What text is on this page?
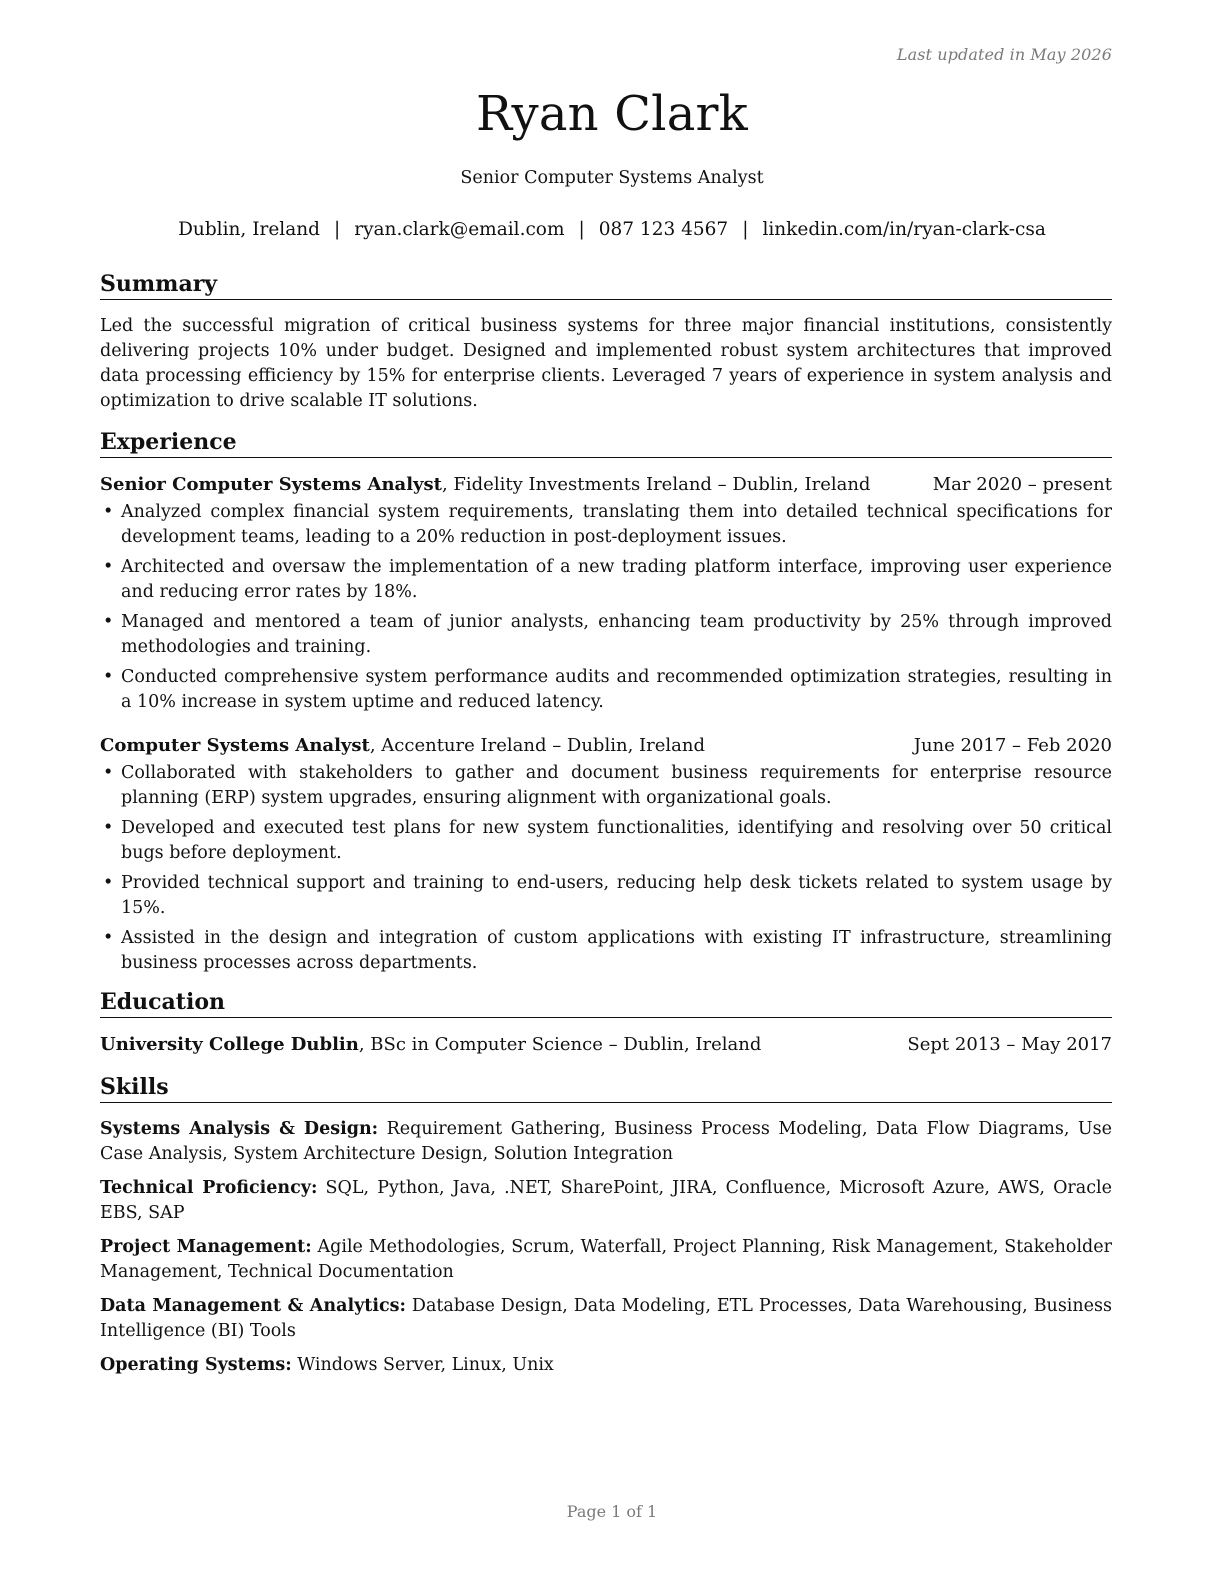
Last updated in May 2026
Ryan Clark
Senior Computer Systems Analyst
Dublin, Ireland | ryan.clark@email.com | 087 123 4567 | linkedin.com/in/ryan-clark-csa
Summary

Led the successful migration of critical business systems for three major financial institutions, consistently delivering projects 10% under budget. Designed and implemented robust system architectures that improved data processing efficiency by 15% for enterprise clients. Leveraged 7 years of experience in system analysis and optimization to drive scalable IT solutions.

Experience
Senior Computer Systems Analyst, Fidelity Investments Ireland – Dublin, Ireland	Mar 2020 – present
• Analyzed complex financial system requirements, translating them into detailed technical specifications for development teams, leading to a 20% reduction in post-deployment issues.
• Architected and oversaw the implementation of a new trading platform interface, improving user experience and reducing error rates by 18%.
• Managed and mentored a team of junior analysts, enhancing team productivity by 25% through improved methodologies and training.
• Conducted comprehensive system performance audits and recommended optimization strategies, resulting in a 10% increase in system uptime and reduced latency.
Computer Systems Analyst, Accenture Ireland – Dublin, Ireland	June 2017 – Feb 2020
• Collaborated with stakeholders to gather and document business requirements for enterprise resource planning (ERP) system upgrades, ensuring alignment with organizational goals.
• Developed and executed test plans for new system functionalities, identifying and resolving over 50 critical bugs before deployment.
• Provided technical support and training to end-users, reducing help desk tickets related to system usage by 15%.
• Assisted in the design and integration of custom applications with existing IT infrastructure, streamlining business processes across departments.
Education
University College Dublin, BSc in Computer Science – Dublin, Ireland	Sept 2013 – May 2017
Skills

Systems Analysis & Design: Requirement Gathering, Business Process Modeling, Data Flow Diagrams, Use Case Analysis, System Architecture Design, Solution Integration

Technical Proficiency: SQL, Python, Java, .NET, SharePoint, JIRA, Confluence, Microsoft Azure, AWS, Oracle EBS, SAP

Project Management: Agile Methodologies, Scrum, Waterfall, Project Planning, Risk Management, Stakeholder Management, Technical Documentation

Data Management & Analytics: Database Design, Data Modeling, ETL Processes, Data Warehousing, Business Intelligence (BI) Tools

Operating Systems: Windows Server, Linux, Unix

Page 1 of 1
